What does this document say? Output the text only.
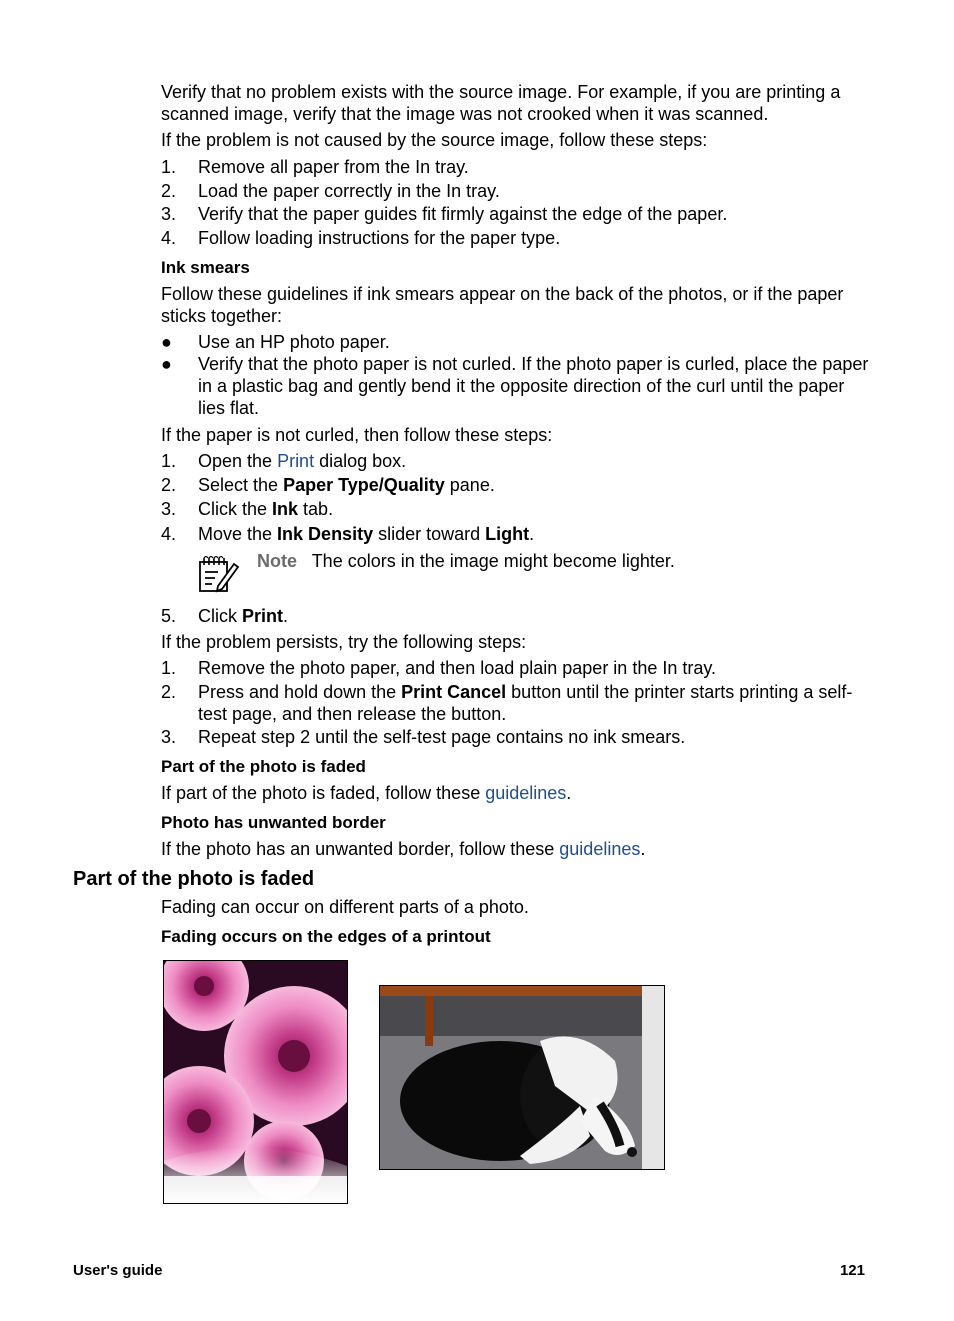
Verify that no problem exists with the source image. For example, if you are printing a scanned image, verify that the image was not crooked when it was scanned.
If the problem is not caused by the source image, follow these steps:
1. Remove all paper from the In tray.
2. Load the paper correctly in the In tray.
3. Verify that the paper guides fit firmly against the edge of the paper.
4. Follow loading instructions for the paper type.
Ink smears
Follow these guidelines if ink smears appear on the back of the photos, or if the paper sticks together:
● Use an HP photo paper.
● Verify that the photo paper is not curled. If the photo paper is curled, place the paper in a plastic bag and gently bend it the opposite direction of the curl until the paper lies flat.
If the paper is not curled, then follow these steps:
1. Open the Print dialog box.
2. Select the Paper Type/Quality pane.
3. Click the Ink tab.
4. Move the Ink Density slider toward Light.
Note The colors in the image might become lighter.
5. Click Print.
If the problem persists, try the following steps:
1. Remove the photo paper, and then load plain paper in the In tray.
2. Press and hold down the Print Cancel button until the printer starts printing a self-test page, and then release the button.
3. Repeat step 2 until the self-test page contains no ink smears.
Part of the photo is faded
If part of the photo is faded, follow these guidelines.
Photo has unwanted border
If the photo has an unwanted border, follow these guidelines.
Part of the photo is faded
Fading can occur on different parts of a photo.
Fading occurs on the edges of a printout
User's guide	121
